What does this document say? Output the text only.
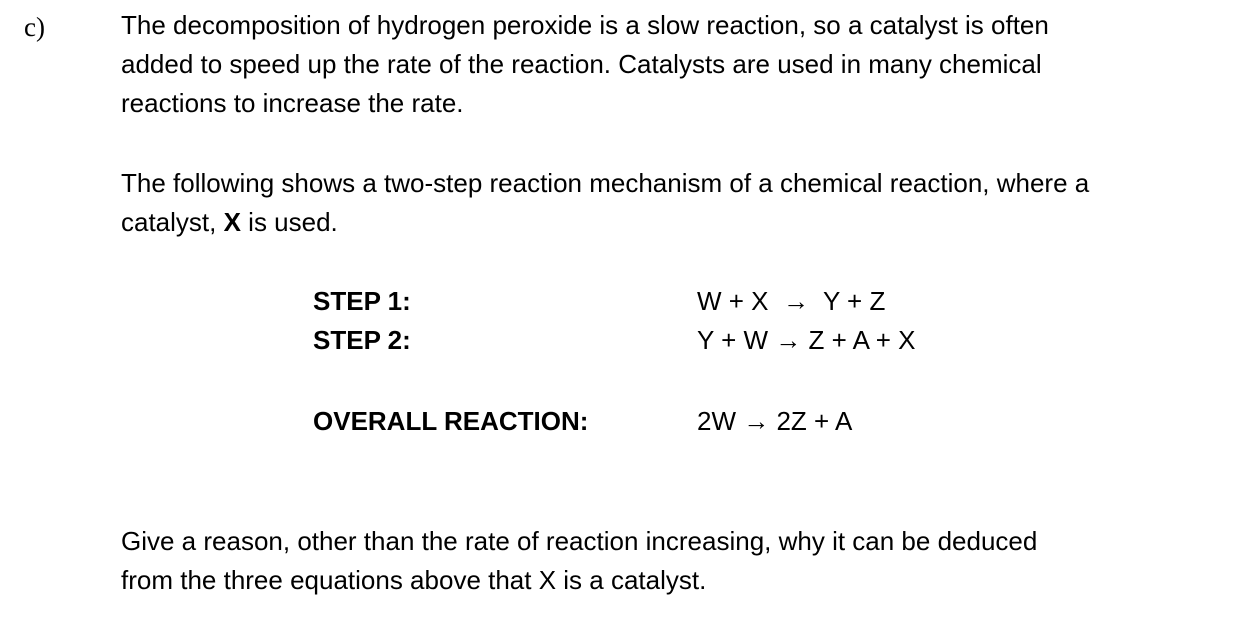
c)	The decomposition of hydrogen peroxide is a slow reaction, so a catalyst is often
added to speed up the rate of the reaction. Catalysts are used in many chemical
reactions to increase the rate.

The following shows a two-step reaction mechanism of a chemical reaction, where a
catalyst, X is used.

STEP 1:	W + X  →  Y + Z
STEP 2:	Y + W → Z + A + X
OVERALL REACTION:	2W → 2Z + A

Give a reason, other than the rate of reaction increasing, why it can be deduced
from the three equations above that X is a catalyst.
